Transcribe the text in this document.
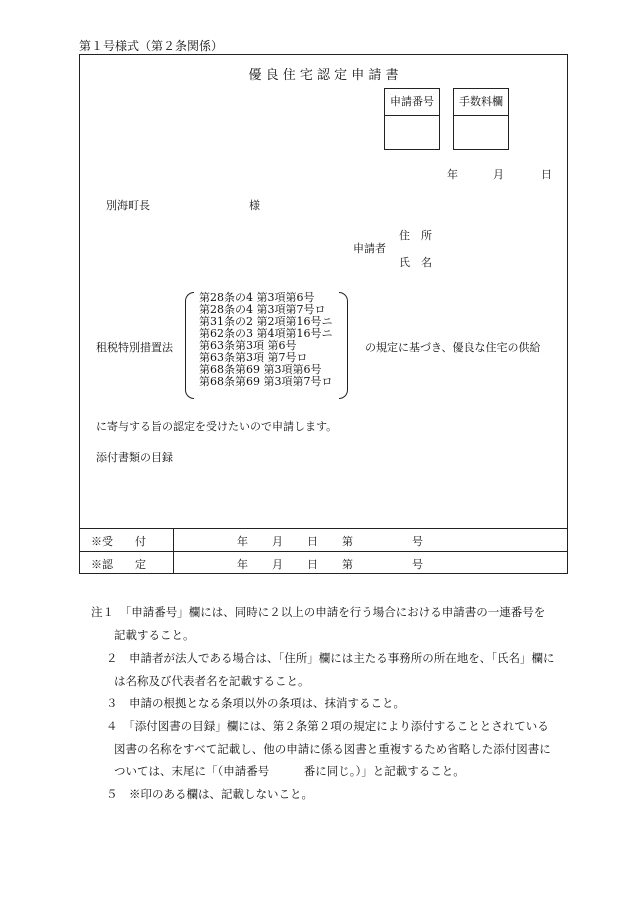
第１号様式（第２条関係）
優 良 住 宅 認 定 申 請 書
申請番号	手数料欄
年	月	日
別海町長	様
申請者
住　所
氏　名
租税特別措置法
第28条の4 第3項第6号
第28条の4 第3項第7号ロ
第31条の2 第2項第16号ニ
第62条の3 第4項第16号ニ
第63条第3項 第6号
第63条第3項 第7号ロ
第68条第69 第3項第6号
第68条第69 第3項第7号ロ
の規定に基づき、優良な住宅の供給
に寄与する旨の認定を受けたいので申請します。
添付書類の目録
※受　　付	年 月 日 第	号
※認　　定	年 月 日 第	号
注１　「申請番号」欄には、同時に２以上の申請を行う場合における申請書の一連番号を
記載すること。
２　申請者が法人である場合は、「住所」欄には主たる事務所の所在地を、「氏名」欄に
は名称及び代表者名を記載すること。
３　申請の根拠となる条項以外の条項は、抹消すること。
４　「添付図書の目録」欄には、第２条第２項の規定により添付することとされている
図書の名称をすべて記載し、他の申請に係る図書と重複するため省略した添付図書に
ついては、末尾に「（申請番号　　　番に同じ。）」と記載すること。
５　※印のある欄は、記載しないこと。
